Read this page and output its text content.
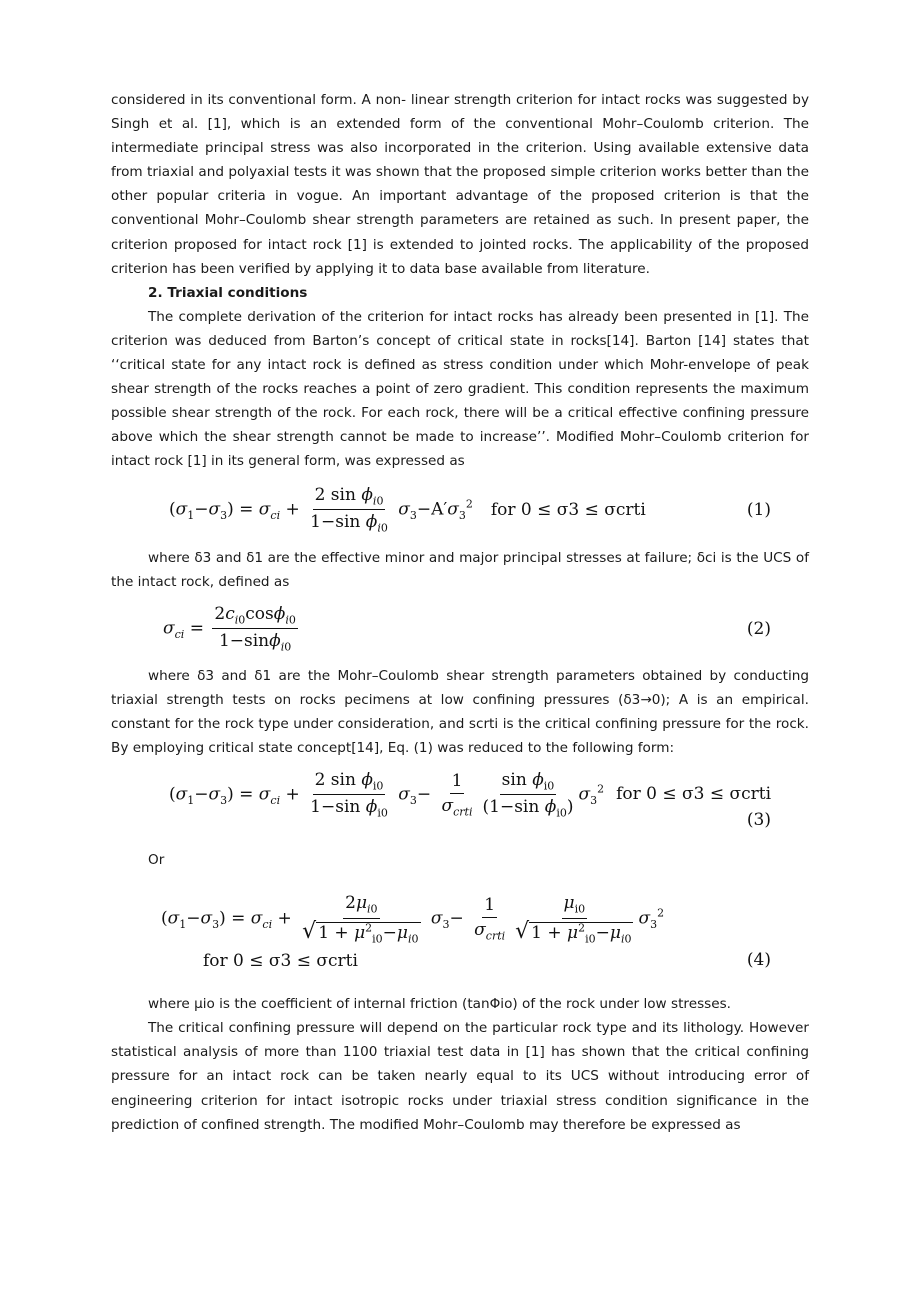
considered in its conventional form. A non- linear strength criterion for intact rocks was suggested by Singh et al. [1], which is an extended form of the conventional Mohr–Coulomb criterion. The intermediate principal stress was also incorporated in the criterion. Using available extensive data from triaxial and polyaxial tests it was shown that the proposed simple criterion works better than the other popular criteria in vogue. An important advantage of the proposed criterion is that the conventional Mohr–Coulomb shear strength parameters are retained as such. In present paper, the criterion proposed for intact rock [1] is extended to jointed rocks. The applicability of the proposed criterion has been verified by applying it to data base available from literature.

2. Triaxial conditions

The complete derivation of the criterion for intact rocks has already been presented in [1]. The criterion was deduced from Barton’s concept of critical state in rocks[14]. Barton [14] states that ‘‘critical state for any intact rock is defined as stress condition under which Mohr-envelope of peak shear strength of the rocks reaches a point of zero gradient. This condition represents the maximum possible shear strength of the rock. For each rock, there will be a critical effective confining pressure above which the shear strength cannot be made to increase’’. Modified Mohr–Coulomb criterion for intact rock [1] in its general form, was expressed as

$(\sigma_1-\sigma_3) = \sigma_{ci} + \frac{2 \sin \phi_{i0}}{1-\sin \phi_{i0}} \sigma_3-A'\sigma_3^2$ for 0 ≤ σ3 ≤ σcrti	(1)

where δ3 and δ1 are the effective minor and major principal stresses at failure; δci is the UCS of the intact rock, defined as

$\sigma_{ci} = \frac{2c_{i0}\cos\phi_{i0}}{1-\sin\phi_{i0}}$	(2)

where δ3 and δ1 are the Mohr–Coulomb shear strength parameters obtained by conducting triaxial strength tests on rocks pecimens at low confining pressures (δ3→0); A is an empirical. constant for the rock type under consideration, and scrti is the critical confining pressure for the rock. By employing critical state concept[14], Eq. (1) was reduced to the following form:

$(\sigma_1-\sigma_3) = \sigma_{ci} + \frac{2 \sin \phi_{i0}}{1-\sin \phi_{i0}} \sigma_3- \frac{1}{\sigma_{crti}} \frac{\sin \phi_{i0}}{(1-\sin \phi_{i0})} \sigma_3^2$ for 0 ≤ σ3 ≤ σcrti
(3)

Or

$(\sigma_1-\sigma_3) = \sigma_{ci} + \frac{2\mu_{i0}}{√ 1 + \mu^2_{i0}-\mu_{i0}} \sigma_3- \frac{1}{\sigma_{crti}} \frac{\mu_{i0}}{√ 1 + \mu^2_{i0}-\mu_{i0}} \sigma_3^2$
for 0 ≤ σ3 ≤ σcrti	(4)

where μio is the coefficient of internal friction (tanΦio) of the rock under low stresses.

The critical confining pressure will depend on the particular rock type and its lithology. However statistical analysis of more than 1100 triaxial test data in [1] has shown that the critical confining pressure for an intact rock can be taken nearly equal to its UCS without introducing error of engineering criterion for intact isotropic rocks under triaxial stress condition significance in the prediction of confined strength. The modified Mohr–Coulomb may therefore be expressed as
